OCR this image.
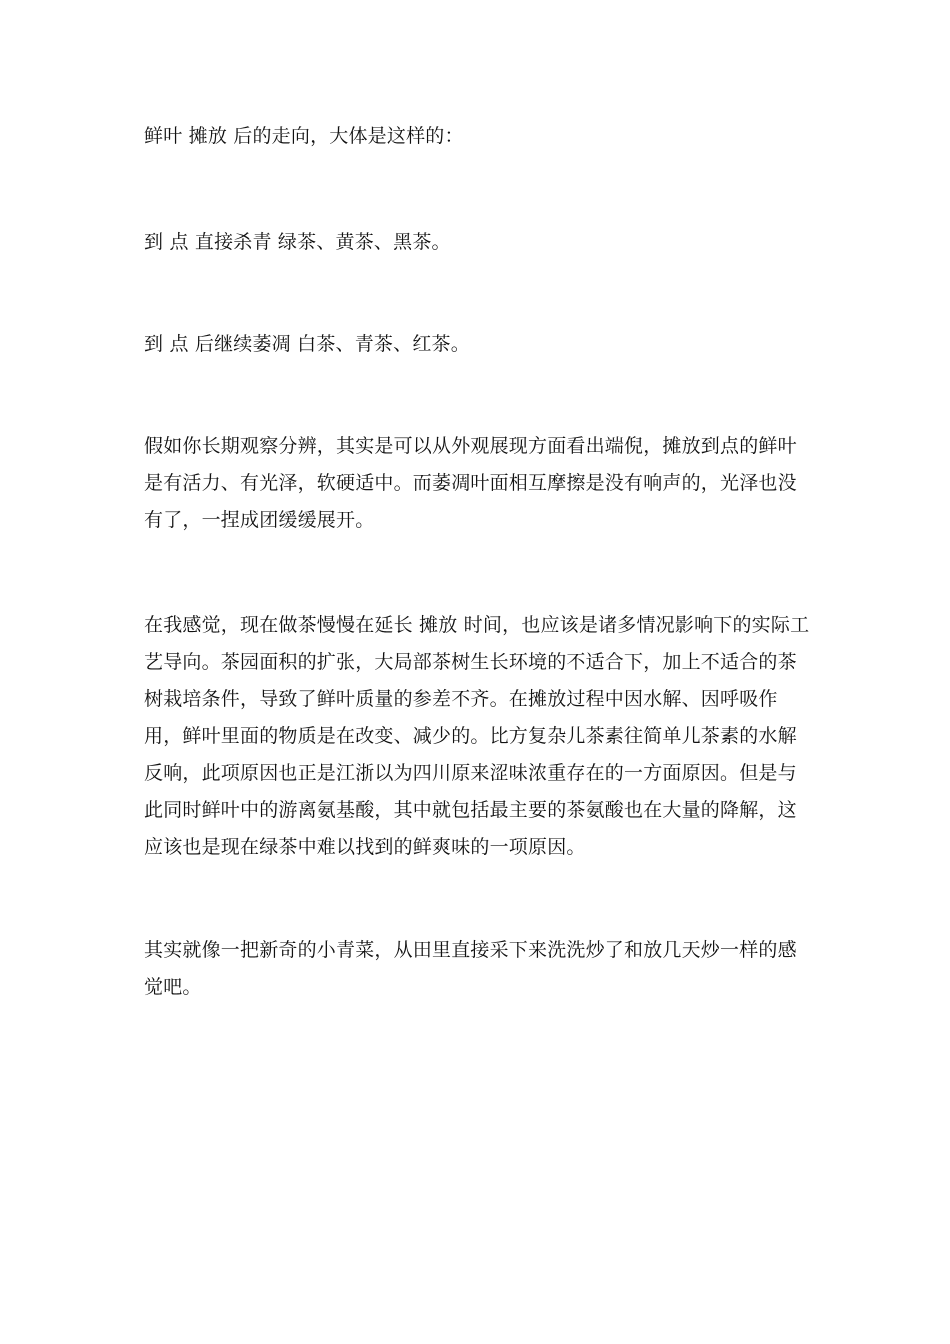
鲜叶 摊放 后的走向，大体是这样的：

到 点 直接杀青 绿茶、黄茶、黑茶。

到 点 后继续萎凋 白茶、青茶、红茶。

假如你长期观察分辨，其实是可以从外观展现方面看出端倪，摊放到点的鲜叶是有活力、有光泽，软硬适中。而萎凋叶面相互摩擦是没有响声的，光泽也没有了，一捏成团缓缓展开。

在我感觉，现在做茶慢慢在延长 摊放 时间，也应该是诸多情况影响下的实际工艺导向。茶园面积的扩张，大局部茶树生长环境的不适合下，加上不适合的茶树栽培条件，导致了鲜叶质量的参差不齐。在摊放过程中因水解、因呼吸作用，鲜叶里面的物质是在改变、减少的。比方复杂儿茶素往简单儿茶素的水解反响，此项原因也正是江浙以为四川原来涩味浓重存在的一方面原因。但是与此同时鲜叶中的游离氨基酸，其中就包括最主要的茶氨酸也在大量的降解，这应该也是现在绿茶中难以找到的鲜爽味的一项原因。

其实就像一把新奇的小青菜，从田里直接采下来洗洗炒了和放几天炒一样的感觉吧。
